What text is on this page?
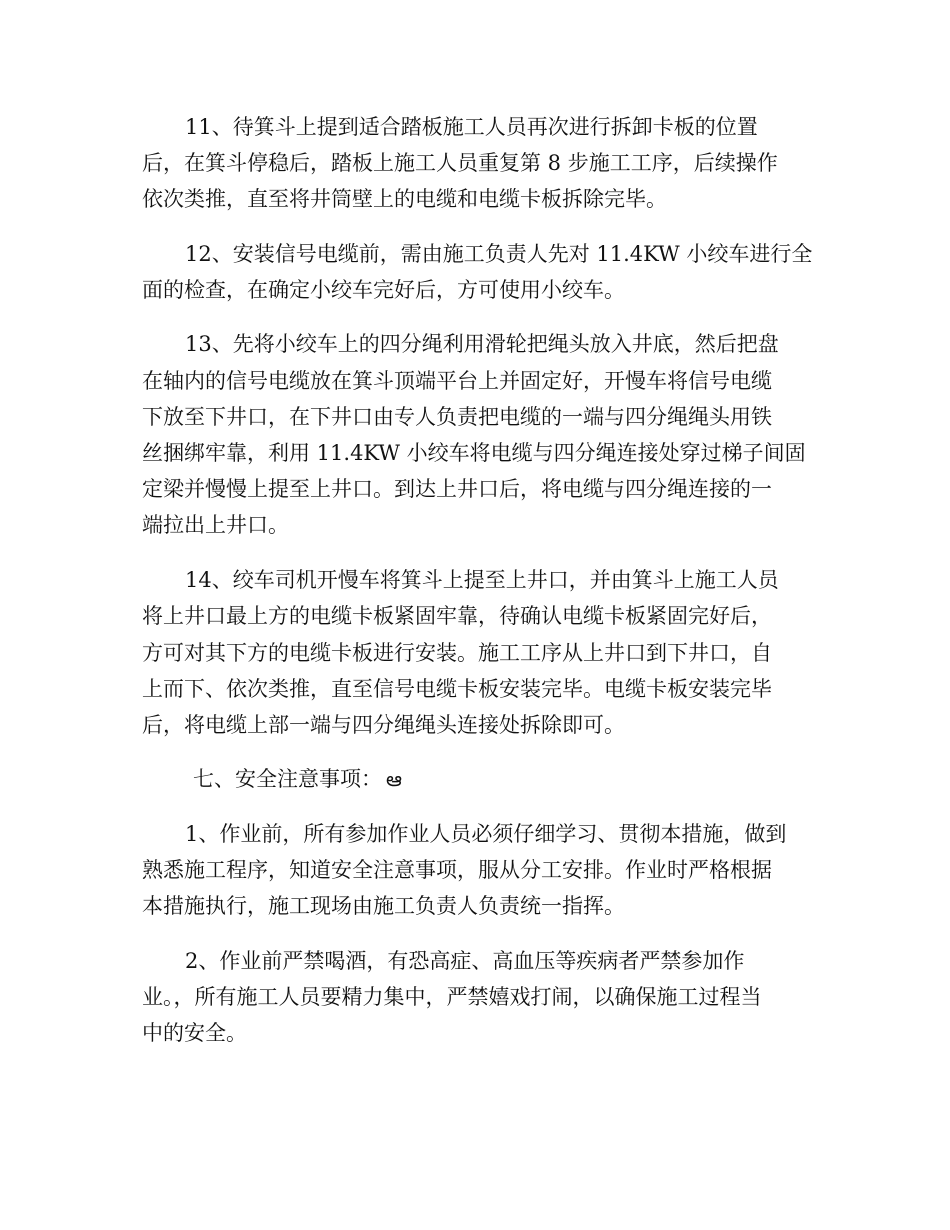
11、待箕斗上提到适合踏板施工人员再次进行拆卸卡板的位置

后，在箕斗停稳后，踏板上施工人员重复第 8 步施工工序，后续操作

依次类推，直至将井筒壁上的电缆和电缆卡板拆除完毕。

12、安装信号电缆前，需由施工负责人先对 11.4KW 小绞车进行全

面的检查，在确定小绞车完好后，方可使用小绞车。

13、先将小绞车上的四分绳利用滑轮把绳头放入井底，然后把盘

在轴内的信号电缆放在箕斗顶端平台上并固定好，开慢车将信号电缆

下放至下井口，在下井口由专人负责把电缆的一端与四分绳绳头用铁

丝捆绑牢靠，利用 11.4KW 小绞车将电缆与四分绳连接处穿过梯子间固

定梁并慢慢上提至上井口。到达上井口后，将电缆与四分绳连接的一

端拉出上井口。

14、绞车司机开慢车将箕斗上提至上井口，并由箕斗上施工人员

将上井口最上方的电缆卡板紧固牢靠，待确认电缆卡板紧固完好后，

方可对其下方的电缆卡板进行安装。施工工序从上井口到下井口，自

上而下、依次类推，直至信号电缆卡板安装完毕。电缆卡板安装完毕

后，将电缆上部一端与四分绳绳头连接处拆除即可。

七、安全注意事项： ఆ

1、作业前，所有参加作业人员必须仔细学习、贯彻本措施，做到

熟悉施工程序，知道安全注意事项，服从分工安排。作业时严格根据

本措施执行，施工现场由施工负责人负责统一指挥。

2、作业前严禁喝酒，有恐高症、高血压等疾病者严禁参加作

业。，所有施工人员要精力集中，严禁嬉戏打闹，以确保施工过程当

中的安全。
